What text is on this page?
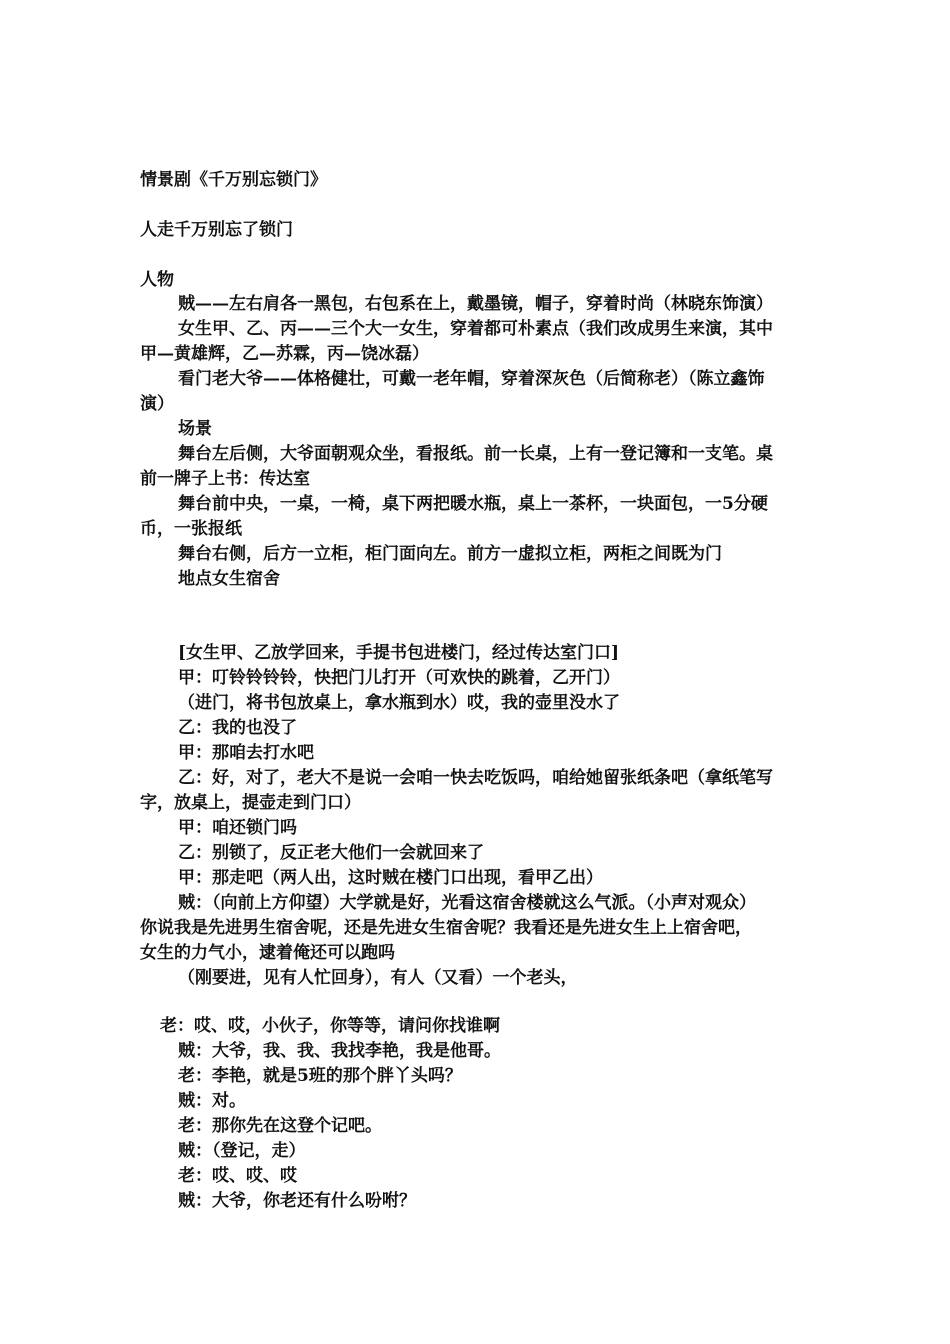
情景剧《千万别忘锁门》
人走千万别忘了锁门
人物
贼——左右肩各一黑包，右包系在上，戴墨镜，帽子，穿着时尚（林晓东饰演）
女生甲、乙、丙——三个大一女生，穿着都可朴素点（我们改成男生来演，其中
甲—黄雄辉，乙—苏霖，丙—饶冰磊）
看门老大爷——体格健壮，可戴一老年帽，穿着深灰色（后简称老）（陈立鑫饰
演）
场景
舞台左后侧，大爷面朝观众坐，看报纸。前一长桌，上有一登记簿和一支笔。桌
前一牌子上书：传达室
舞台前中央，一桌，一椅，桌下两把暖水瓶，桌上一茶杯，一块面包，一5分硬
币，一张报纸
舞台右侧，后方一立柜，柜门面向左。前方一虚拟立柜，两柜之间既为门
地点女生宿舍
[女生甲、乙放学回来，手提书包进楼门，经过传达室门口]
甲：叮铃铃铃铃，快把门儿打开（可欢快的跳着，乙开门）
（进门，将书包放桌上，拿水瓶到水）哎，我的壶里没水了
乙：我的也没了
甲：那咱去打水吧
乙：好，对了，老大不是说一会咱一快去吃饭吗，咱给她留张纸条吧（拿纸笔写
字，放桌上，提壶走到门口）
甲：咱还锁门吗
乙：别锁了，反正老大他们一会就回来了
甲：那走吧（两人出，这时贼在楼门口出现，看甲乙出）
贼：（向前上方仰望）大学就是好，光看这宿舍楼就这么气派。（小声对观众）
你说我是先进男生宿舍呢，还是先进女生宿舍呢？我看还是先进女生上上宿舍吧，
女生的力气小，逮着俺还可以跑吗
（刚要进，见有人忙回身），有人（又看）一个老头，
老：哎、哎，小伙子，你等等，请问你找谁啊
贼：大爷，我、我、我找李艳，我是他哥。
老：李艳，就是5班的那个胖丫头吗？
贼：对。
老：那你先在这登个记吧。
贼：（登记，走）
老：哎、哎、哎
贼：大爷，你老还有什么吩咐？
